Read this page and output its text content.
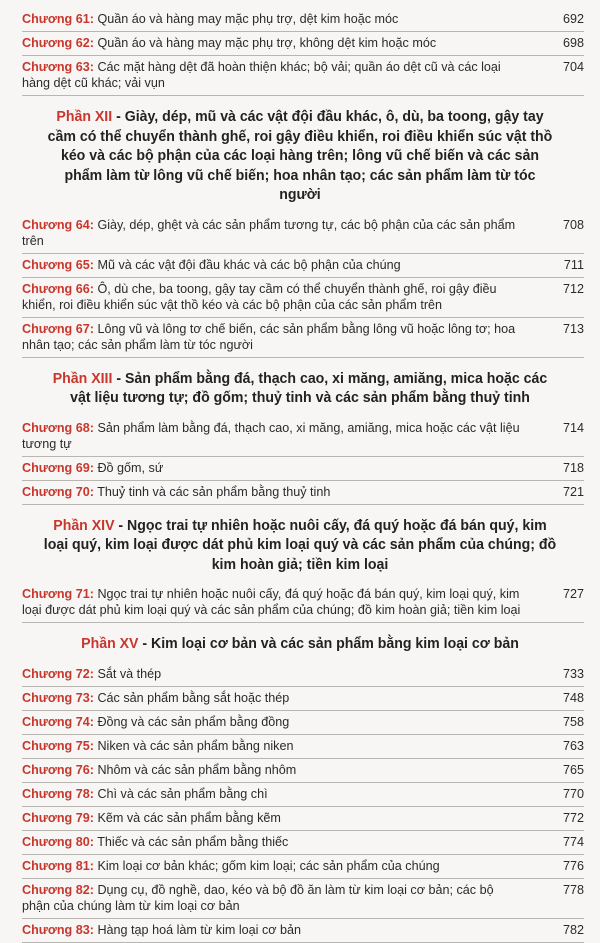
Chương 61: Quần áo và hàng may mặc phụ trợ, dệt kim hoặc móc	692
Chương 62: Quần áo và hàng may mặc phụ trợ, không dệt kim hoặc móc	698
Chương 63: Các mặt hàng dệt đã hoàn thiện khác; bộ vải; quần áo dệt cũ và các loại hàng dệt cũ khác; vải vụn
704
Phần XII - Giày, dép, mũ và các vật đội đầu khác, ô, dù, ba toong, gậy tay cầm có thể chuyển thành ghế, roi gậy điều khiển, roi điều khiển súc vật thồ kéo và các bộ phận của các loại hàng trên; lông vũ chế biến và các sản phẩm làm từ lông vũ chế biến; hoa nhân tạo; các sản phẩm làm từ tóc người
Chương 64: Giày, dép, ghệt và các sản phẩm tương tự, các bộ phận của các sản phẩm trên
708
Chương 65: Mũ và các vật đội đầu khác và các bộ phận của chúng	711
Chương 66: Ô, dù che, ba toong, gậy tay cầm có thể chuyển thành ghế, roi gậy điều khiển, roi điều khiển súc vật thồ kéo và các bộ phận của các sản phẩm trên
712
Chương 67: Lông vũ và lông tơ chế biến, các sản phẩm bằng lông vũ hoặc lông tơ; hoa nhân tạo; các sản phẩm làm từ tóc người
713
Phần XIII - Sản phẩm bằng đá, thạch cao, xi măng, amiăng, mica hoặc các vật liệu tương tự; đồ gốm; thuỷ tinh và các sản phẩm bằng thuỷ tinh
Chương 68: Sản phẩm làm bằng đá, thạch cao, xi măng, amiăng, mica hoặc các vật liệu tương tự
714
Chương 69: Đồ gốm, sứ	718
Chương 70: Thuỷ tinh và các sản phẩm bằng thuỷ tinh	721
Phần XIV - Ngọc trai tự nhiên hoặc nuôi cấy, đá quý hoặc đá bán quý, kim loại quý, kim loại được dát phủ kim loại quý và các sản phẩm của chúng; đồ kim hoàn giả; tiền kim loại
Chương 71: Ngọc trai tự nhiên hoặc nuôi cấy, đá quý hoặc đá bán quý, kim loại quý, kim loại được dát phủ kim loại quý và các sản phẩm của chúng; đồ kim hoàn giả; tiền kim loại
727
Phần XV - Kim loại cơ bản và các sản phẩm bằng kim loại cơ bản
Chương 72: Sắt và thép	733
Chương 73: Các sản phẩm bằng sắt hoặc thép	748
Chương 74: Đồng và các sản phẩm bằng đồng	758
Chương 75: Niken và các sản phẩm bằng niken	763
Chương 76: Nhôm và các sản phẩm bằng nhôm	765
Chương 78: Chì và các sản phẩm bằng chì	770
Chương 79: Kẽm và các sản phẩm bằng kẽm	772
Chương 80: Thiếc và các sản phẩm bằng thiếc	774
Chương 81: Kim loại cơ bản khác; gốm kim loại; các sản phẩm của chúng	776
Chương 82: Dụng cụ, đồ nghề, dao, kéo và bộ đồ ăn làm từ kim loại cơ bản; các bộ phận của chúng làm từ kim loại cơ bản
778
Chương 83: Hàng tạp hoá làm từ kim loại cơ bản	782
